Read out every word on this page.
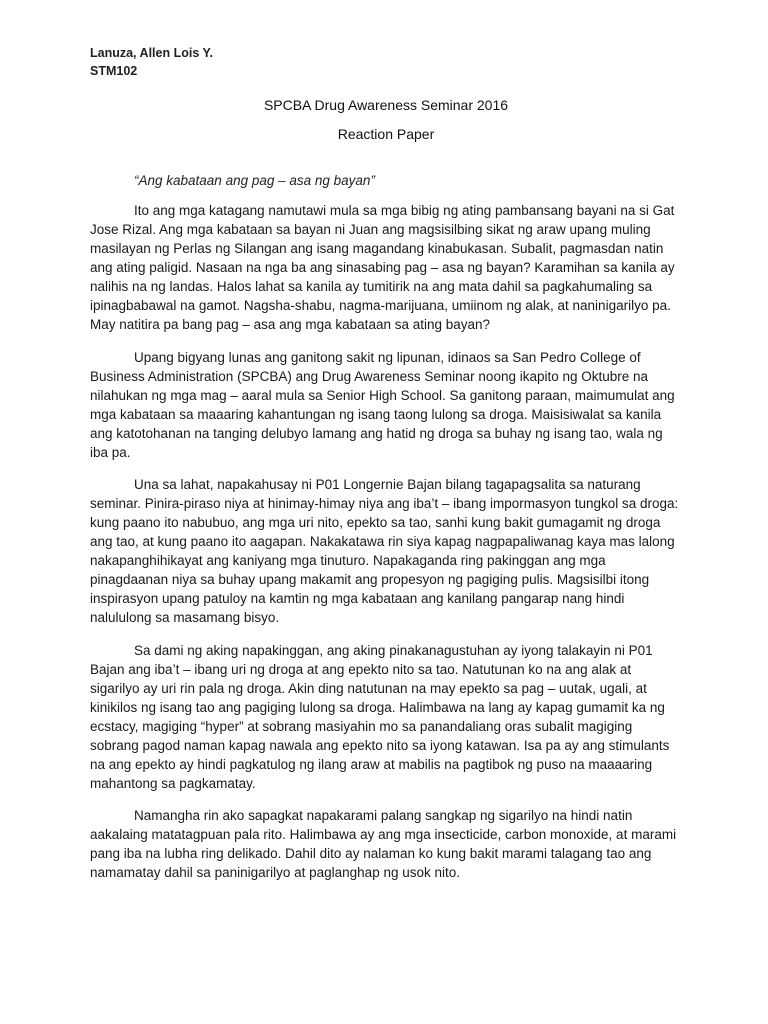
Lanuza, Allen Lois Y.
STM102
SPCBA Drug Awareness Seminar 2016
Reaction Paper
“Ang kabataan ang pag – asa ng bayan”

Ito ang mga katagang namutawi mula sa mga bibig ng ating pambansang bayani na si Gat Jose Rizal. Ang mga kabataan sa bayan ni Juan ang magsisilbing sikat ng araw upang muling masilayan ng Perlas ng Silangan ang isang magandang kinabukasan. Subalit, pagmasdan natin ang ating paligid. Nasaan na nga ba ang sinasabing pag – asa ng bayan? Karamihan sa kanila ay nalihis na ng landas. Halos lahat sa kanila ay tumitirik na ang mata dahil sa pagkahumaling sa ipinagbabawal na gamot. Nagsha-shabu, nagma-marijuana, umiinom ng alak, at naninigarilyo pa. May natitira pa bang pag – asa ang mga kabataan sa ating bayan?

Upang bigyang lunas ang ganitong sakit ng lipunan, idinaos sa San Pedro College of Business Administration (SPCBA) ang Drug Awareness Seminar noong ikapito ng Oktubre na nilahukan ng mga mag – aaral mula sa Senior High School. Sa ganitong paraan, maimumulat ang mga kabataan sa maaaring kahantungan ng isang taong lulong sa droga. Maisisiwalat sa kanila ang katotohanan na tanging delubyo lamang ang hatid ng droga sa buhay ng isang tao, wala ng iba pa.

Una sa lahat, napakahusay ni P01 Longernie Bajan bilang tagapagsalita sa naturang seminar. Pinira-piraso niya at hinimay-himay niya ang iba’t – ibang impormasyon tungkol sa droga: kung paano ito nabubuo, ang mga uri nito, epekto sa tao, sanhi kung bakit gumagamit ng droga ang tao, at kung paano ito aagapan. Nakakatawa rin siya kapag nagpapaliwanag kaya mas lalong nakapanghihikayat ang kaniyang mga tinuturo. Napakaganda ring pakinggan ang mga pinagdaanan niya sa buhay upang makamit ang propesyon ng pagiging pulis. Magsisilbi itong inspirasyon upang patuloy na kamtin ng mga kabataan ang kanilang pangarap nang hindi nalululong sa masamang bisyo.

Sa dami ng aking napakinggan, ang aking pinakanagustuhan ay iyong talakayin ni P01 Bajan ang iba’t – ibang uri ng droga at ang epekto nito sa tao. Natutunan ko na ang alak at sigarilyo ay uri rin pala ng droga. Akin ding natutunan na may epekto sa pag – uutak, ugali, at kinikilos ng isang tao ang pagiging lulong sa droga. Halimbawa na lang ay kapag gumamit ka ng ecstacy, magiging “hyper” at sobrang masiyahin mo sa panandaliang oras subalit magiging sobrang pagod naman kapag nawala ang epekto nito sa iyong katawan. Isa pa ay ang stimulants na ang epekto ay hindi pagkatulog ng ilang araw at mabilis na pagtibok ng puso na maaaaring mahantong sa pagkamatay.

Namangha rin ako sapagkat napakarami palang sangkap ng sigarilyo na hindi natin aakalaing matatagpuan pala rito. Halimbawa ay ang mga insecticide, carbon monoxide, at marami pang iba na lubha ring delikado. Dahil dito ay nalaman ko kung bakit marami talagang tao ang namamatay dahil sa paninigarilyo at paglanghap ng usok nito.
